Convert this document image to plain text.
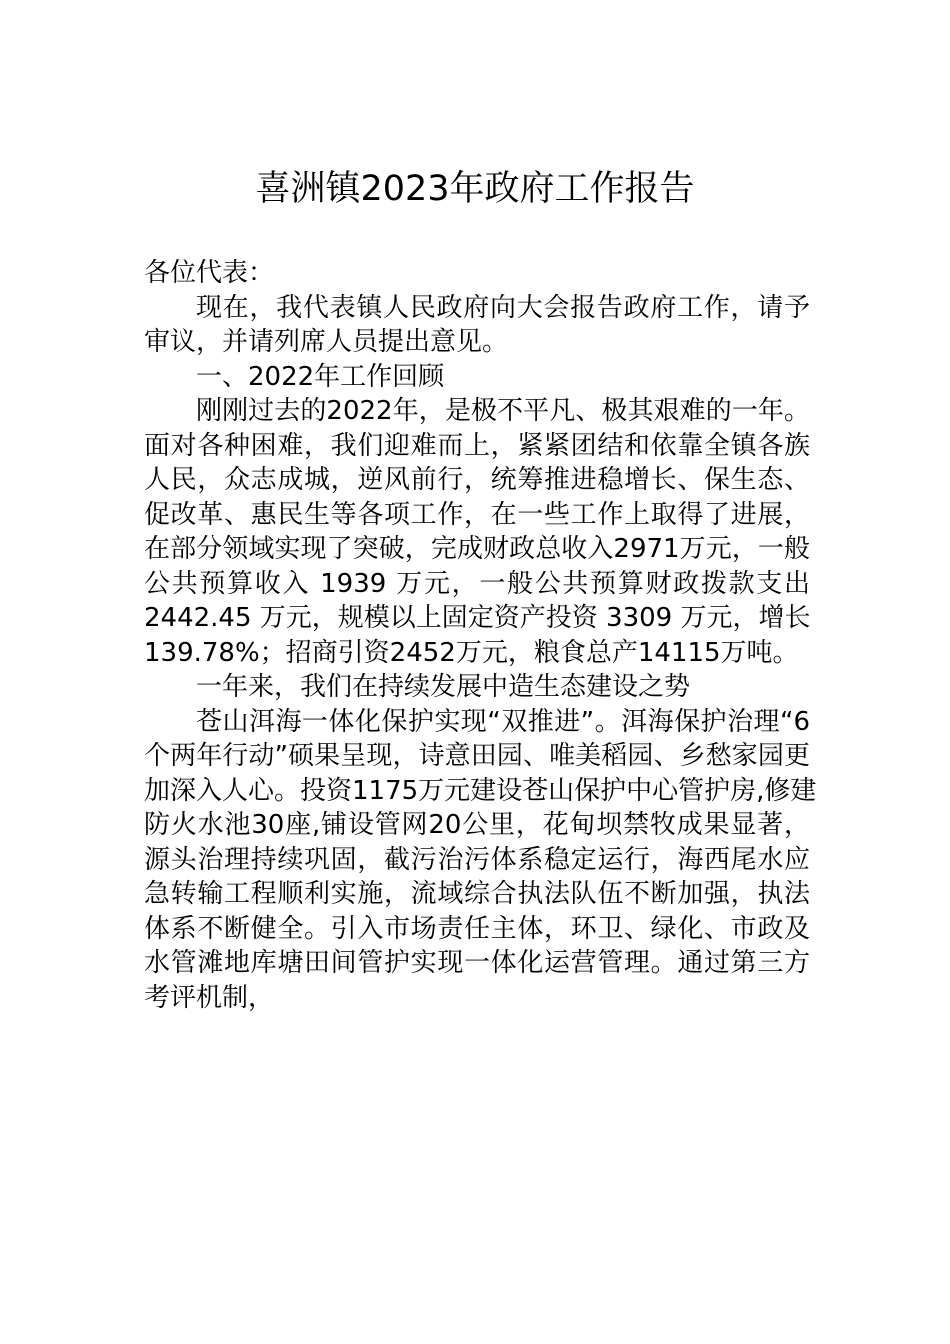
喜洲镇2023年政府工作报告
各位代表：
现在，我代表镇人民政府向大会报告政府工作，请予
审议，并请列席人员提出意见。
一、2022年工作回顾
刚刚过去的2022年，是极不平凡、极其艰难的一年。
面对各种困难，我们迎难而上，紧紧团结和依靠全镇各族
人民，众志成城，逆风前行，统筹推进稳增长、保生态、
促改革、惠民生等各项工作，在一些工作上取得了进展，
在部分领域实现了突破，完成财政总收入2971万元，一般
公共预算收入 1939 万元，一般公共预算财政拨款支出
2442.45 万元，规模以上固定资产投资 3309 万元，增长
139.78%；招商引资2452万元，粮食总产14115万吨。
一年来，我们在持续发展中造生态建设之势
苍山洱海一体化保护实现“双推进”。洱海保护治理“6
个两年行动”硕果呈现，诗意田园、唯美稻园、乡愁家园更
加深入人心。投资1175万元建设苍山保护中心管护房,修建
防火水池30座,铺设管网20公里，花甸坝禁牧成果显著，
源头治理持续巩固，截污治污体系稳定运行，海西尾水应
急转输工程顺利实施，流域综合执法队伍不断加强，执法
体系不断健全。引入市场责任主体，环卫、绿化、市政及
水管滩地库塘田间管护实现一体化运营管理。通过第三方
考评机制，
